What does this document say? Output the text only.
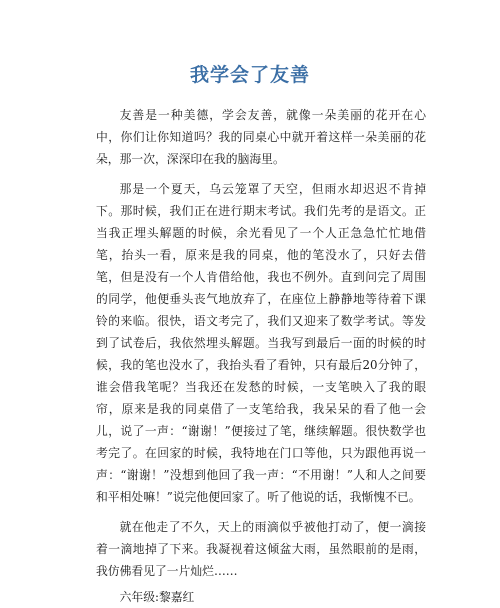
我学会了友善

友善是一种美德，学会友善，就像一朵美丽的花开在心中，你们让你知道吗？我的同桌心中就开着这样一朵美丽的花朵，那一次，深深印在我的脑海里。

那是一个夏天，乌云笼罩了天空，但雨水却迟迟不肯掉下。那时候，我们正在进行期末考试。我们先考的是语文。正当我正埋头解题的时候，余光看见了一个人正急急忙忙地借笔，抬头一看，原来是我的同桌，他的笔没水了，只好去借笔，但是没有一个人肯借给他，我也不例外。直到问完了周围的同学，他便垂头丧气地放弃了，在座位上静静地等待着下课铃的来临。很快，语文考完了，我们又迎来了数学考试。等发到了试卷后，我依然埋头解题。当我写到最后一面的时候的时候，我的笔也没水了，我抬头看了看钟，只有最后20分钟了，谁会借我笔呢？当我还在发愁的时候，一支笔映入了我的眼帘，原来是我的同桌借了一支笔给我，我呆呆的看了他一会儿，说了一声：“谢谢！”便接过了笔，继续解题。很快数学也考完了。在回家的时候，我特地在门口等他，只为跟他再说一声：“谢谢！”没想到他回了我一声：“不用谢！”人和人之间要和平相处嘛！”说完他便回家了。听了他说的话，我惭愧不已。

就在他走了不久，天上的雨滴似乎被他打动了，便一滴接着一滴地掉了下来。我凝视着这倾盆大雨，虽然眼前的是雨，我仿佛看见了一片灿烂……

六年级:黎嘉红
